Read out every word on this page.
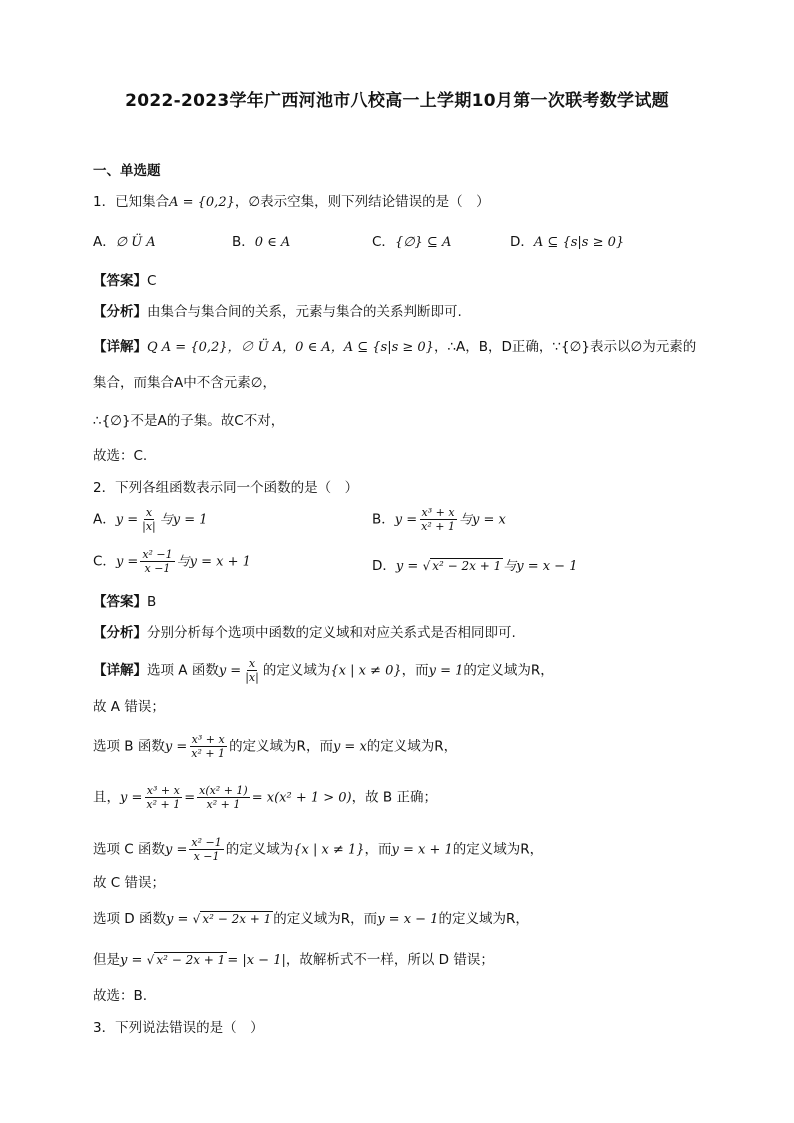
2022-2023学年广西河池市八校高一上学期10月第一次联考数学试题
一、单选题
1．已知集合A = {0,2}，∅表示空集，则下列结论错误的是（　）
A．∅ Ü A	B．0 ∈ A	C．{∅} ⊆ A	D．A ⊆ {s|s ≥ 0}
【答案】C
【分析】由集合与集合间的关系，元素与集合的关系判断即可.
【详解】Q A = {0,2}，∅ Ü A，0 ∈ A，A ⊆ {s|s ≥ 0}，∴A，B，D正确，∵{∅}表示以∅为元素的
集合，而集合A中不含元素∅，
∴{∅}不是A的子集。故C不对，
故选：C.
2．下列各组函数表示同一个函数的是（　）
A．$y = \frac{x}{|x|}$ 与y = 1	B．$y = \frac{\text{x³ + x}}{\text{x² + 1}}$ 与y = x
C．$y = \frac{\text{x² −1}}{x -1}$ 与y = x + 1	D．y = √ x² − 2x + 1 与y = x − 1
【答案】B
【分析】分别分析每个选项中函数的定义域和对应关系式是否相同即可.
【详解】选项 A 函数$y = \frac{x}{|x|}$ 的定义域为{x | x ≠ 0}，而y = 1的定义域为R，
故 A 错误；
选项 B 函数$y = \frac{\text{x³ + x}}{\text{x² + 1}}$ 的定义域为R，而y = x的定义域为R，
且，$y = \frac{\text{x³ + x}}{\text{x² + 1}} = \frac{\text{x(x² + 1)}}{\text{x² + 1}} = x(x^2 + 1 > 0)$，故 B 正确；
选项 C 函数$y = \frac{\text{x² −1}}{x -1}$ 的定义域为{x | x ≠ 1}，而y = x + 1的定义域为R，
故 C 错误；
选项 D 函数y = √ x² − 2x + 1 的定义域为R，而y = x − 1的定义域为R，
但是y = √ x² − 2x + 1 = |x − 1|，故解析式不一样，所以 D 错误；
故选：B.
3．下列说法错误的是（　）
